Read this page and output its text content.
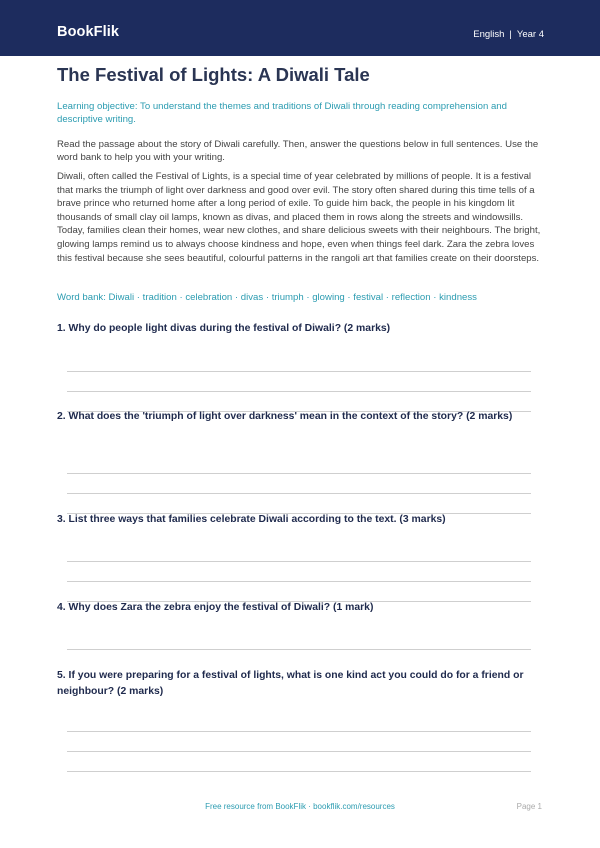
BookFlik	English | Year 4
The Festival of Lights: A Diwali Tale
Learning objective: To understand the themes and traditions of Diwali through reading comprehension and descriptive writing.
Read the passage about the story of Diwali carefully. Then, answer the questions below in full sentences. Use the word bank to help you with your writing.
Diwali, often called the Festival of Lights, is a special time of year celebrated by millions of people. It is a festival that marks the triumph of light over darkness and good over evil. The story often shared during this time tells of a brave prince who returned home after a long period of exile. To guide him back, the people in his kingdom lit thousands of small clay oil lamps, known as divas, and placed them in rows along the streets and windowsills. Today, families clean their homes, wear new clothes, and share delicious sweets with their neighbours. The bright, glowing lamps remind us to always choose kindness and hope, even when things feel dark. Zara the zebra loves this festival because she sees beautiful, colourful patterns in the rangoli art that families create on their doorsteps.
Word bank: Diwali · tradition · celebration · divas · triumph · glowing · festival · reflection · kindness
1. Why do people light divas during the festival of Diwali? (2 marks)
2. What does the 'triumph of light over darkness' mean in the context of the story? (2 marks)
3. List three ways that families celebrate Diwali according to the text. (3 marks)
4. Why does Zara the zebra enjoy the festival of Diwali? (1 mark)
5. If you were preparing for a festival of lights, what is one kind act you could do for a friend or neighbour? (2 marks)
Free resource from BookFlik · bookflik.com/resources	Page 1
